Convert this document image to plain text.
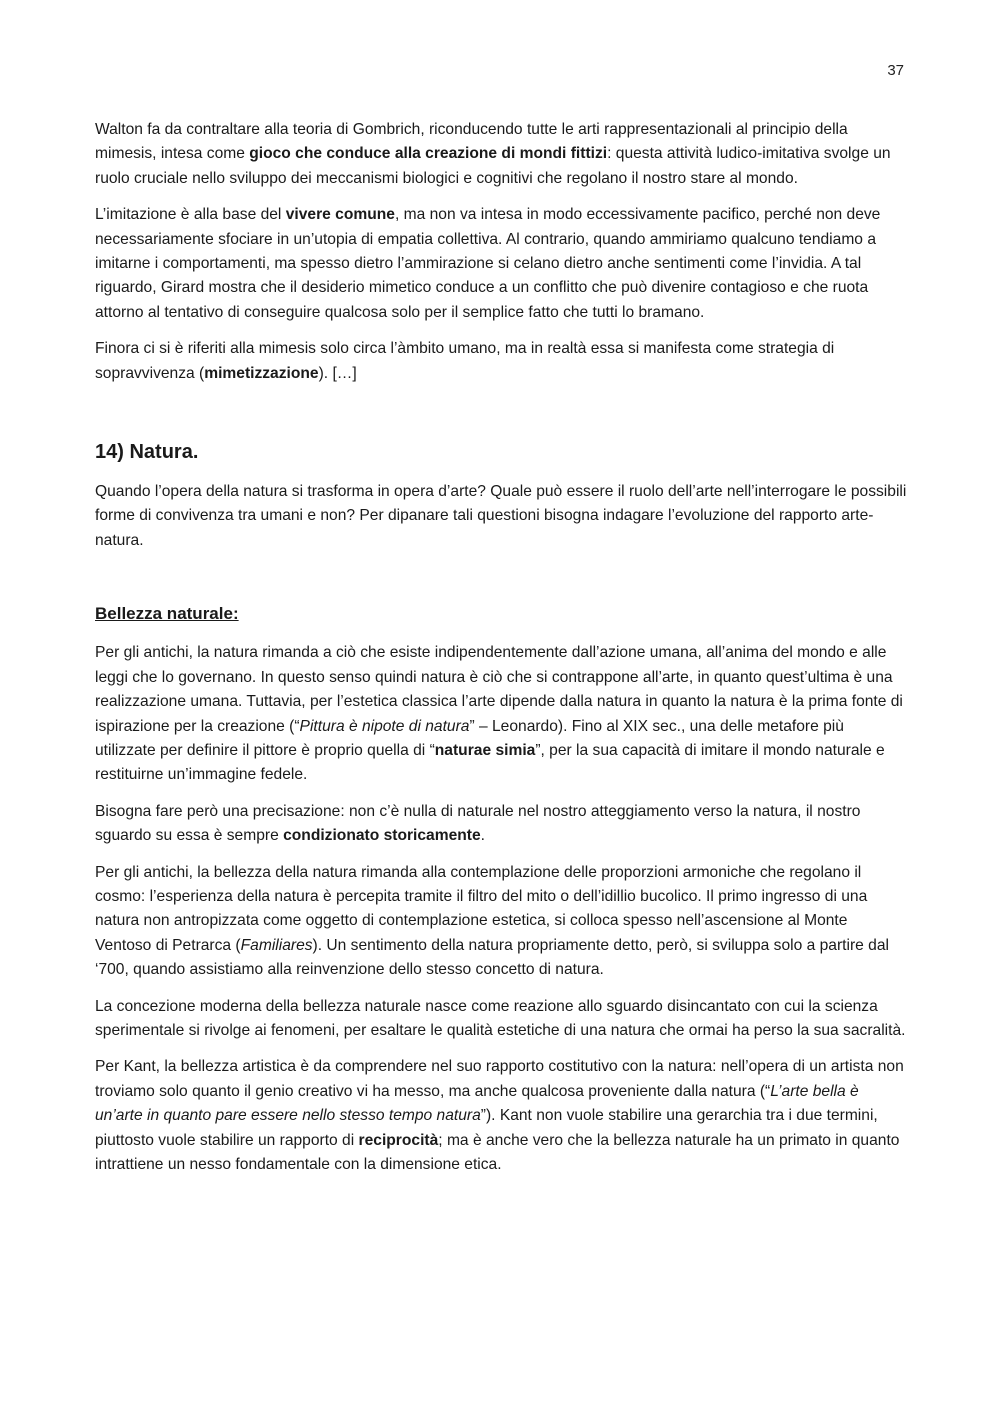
37

Walton fa da contraltare alla teoria di Gombrich, riconducendo tutte le arti rappresentazionali al principio della mimesis, intesa come gioco che conduce alla creazione di mondi fittizi: questa attività ludico-imitativa svolge un ruolo cruciale nello sviluppo dei meccanismi biologici e cognitivi che regolano il nostro stare al mondo.

L’imitazione è alla base del vivere comune, ma non va intesa in modo eccessivamente pacifico, perché non deve necessariamente sfociare in un’utopia di empatia collettiva. Al contrario, quando ammiriamo qualcuno tendiamo a imitarne i comportamenti, ma spesso dietro l’ammirazione si celano dietro anche sentimenti come l’invidia. A tal riguardo, Girard mostra che il desiderio mimetico conduce a un conflitto che può divenire contagioso e che ruota attorno al tentativo di conseguire qualcosa solo per il semplice fatto che tutti lo bramano.

Finora ci si è riferiti alla mimesis solo circa l’àmbito umano, ma in realtà essa si manifesta come strategia di sopravvivenza (mimetizzazione). […]

14) Natura.

Quando l’opera della natura si trasforma in opera d’arte? Quale può essere il ruolo dell’arte nell’interrogare le possibili forme di convivenza tra umani e non? Per dipanare tali questioni bisogna indagare l’evoluzione del rapporto arte-natura.

Bellezza naturale:

Per gli antichi, la natura rimanda a ciò che esiste indipendentemente dall’azione umana, all’anima del mondo e alle leggi che lo governano. In questo senso quindi natura è ciò che si contrappone all’arte, in quanto quest’ultima è una realizzazione umana. Tuttavia, per l’estetica classica l’arte dipende dalla natura in quanto la natura è la prima fonte di ispirazione per la creazione (“Pittura è nipote di natura” – Leonardo). Fino al XIX sec., una delle metafore più utilizzate per definire il pittore è proprio quella di “naturae simia”, per la sua capacità di imitare il mondo naturale e restituirne un’immagine fedele.

Bisogna fare però una precisazione: non c’è nulla di naturale nel nostro atteggiamento verso la natura, il nostro sguardo su essa è sempre condizionato storicamente.

Per gli antichi, la bellezza della natura rimanda alla contemplazione delle proporzioni armoniche che regolano il cosmo: l’esperienza della natura è percepita tramite il filtro del mito o dell’idillio bucolico. Il primo ingresso di una natura non antropizzata come oggetto di contemplazione estetica, si colloca spesso nell’ascensione al Monte Ventoso di Petrarca (Familiares). Un sentimento della natura propriamente detto, però, si sviluppa solo a partire dal ‘700, quando assistiamo alla reinvenzione dello stesso concetto di natura.

La concezione moderna della bellezza naturale nasce come reazione allo sguardo disincantato con cui la scienza sperimentale si rivolge ai fenomeni, per esaltare le qualità estetiche di una natura che ormai ha perso la sua sacralità.

Per Kant, la bellezza artistica è da comprendere nel suo rapporto costitutivo con la natura: nell’opera di un artista non troviamo solo quanto il genio creativo vi ha messo, ma anche qualcosa proveniente dalla natura (“L’arte bella è un’arte in quanto pare essere nello stesso tempo natura”). Kant non vuole stabilire una gerarchia tra i due termini, piuttosto vuole stabilire un rapporto di reciprocità; ma è anche vero che la bellezza naturale ha un primato in quanto intrattiene un nesso fondamentale con la dimensione etica.
